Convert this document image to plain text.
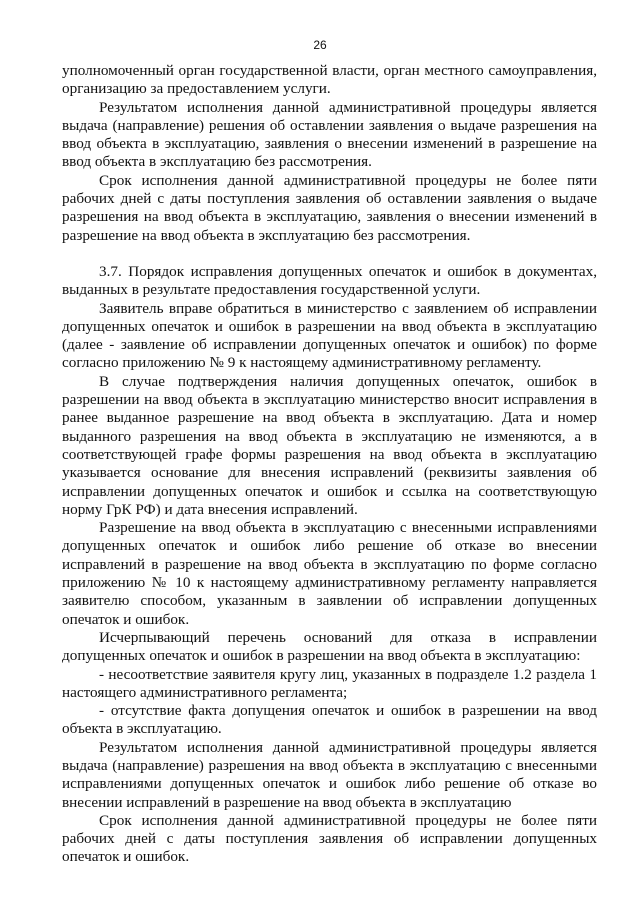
26

уполномоченный орган государственной власти, орган местного самоуправления, организацию за предоставлением услуги.

Результатом исполнения данной административной процедуры является выдача (направление) решения об оставлении заявления о выдаче разрешения на ввод объекта в эксплуатацию, заявления о внесении изменений в разрешение на ввод объекта в эксплуатацию без рассмотрения.

Срок исполнения данной административной процедуры не более пяти рабочих дней с даты поступления заявления об оставлении заявления о выдаче разрешения на ввод объекта в эксплуатацию, заявления о внесении изменений в разрешение на ввод объекта в эксплуатацию без рассмотрения.

3.7. Порядок исправления допущенных опечаток и ошибок в документах, выданных в результате предоставления государственной услуги.

Заявитель вправе обратиться в министерство с заявлением об исправлении допущенных опечаток и ошибок в разрешении на ввод объекта в эксплуатацию (далее - заявление об исправлении допущенных опечаток и ошибок) по форме согласно приложению № 9 к настоящему административному регламенту.

В случае подтверждения наличия допущенных опечаток, ошибок в разрешении на ввод объекта в эксплуатацию министерство вносит исправления в ранее выданное разрешение на ввод объекта в эксплуатацию. Дата и номер выданного разрешения на ввод объекта в эксплуатацию не изменяются, а в соответствующей графе формы разрешения на ввод объекта в эксплуатацию указывается основание для внесения исправлений (реквизиты заявления об исправлении допущенных опечаток и ошибок и ссылка на соответствующую норму ГрК РФ) и дата внесения исправлений.

Разрешение на ввод объекта в эксплуатацию с внесенными исправлениями допущенных опечаток и ошибок либо решение об отказе во внесении исправлений в разрешение на ввод объекта в эксплуатацию по форме согласно приложению № 10 к настоящему административному регламенту направляется заявителю способом, указанным в заявлении об исправлении допущенных опечаток и ошибок.

Исчерпывающий перечень оснований для отказа в исправлении допущенных опечаток и ошибок в разрешении на ввод объекта в эксплуатацию:

- несоответствие заявителя кругу лиц, указанных в подразделе 1.2 раздела 1 настоящего административного регламента;

- отсутствие факта допущения опечаток и ошибок в разрешении на ввод объекта в эксплуатацию.

Результатом исполнения данной административной процедуры является выдача (направление) разрешения на ввод объекта в эксплуатацию с внесенными исправлениями допущенных опечаток и ошибок либо решение об отказе во внесении исправлений в разрешение на ввод объекта в эксплуатацию

Срок исполнения данной административной процедуры не более пяти рабочих дней с даты поступления заявления об исправлении допущенных опечаток и ошибок.
